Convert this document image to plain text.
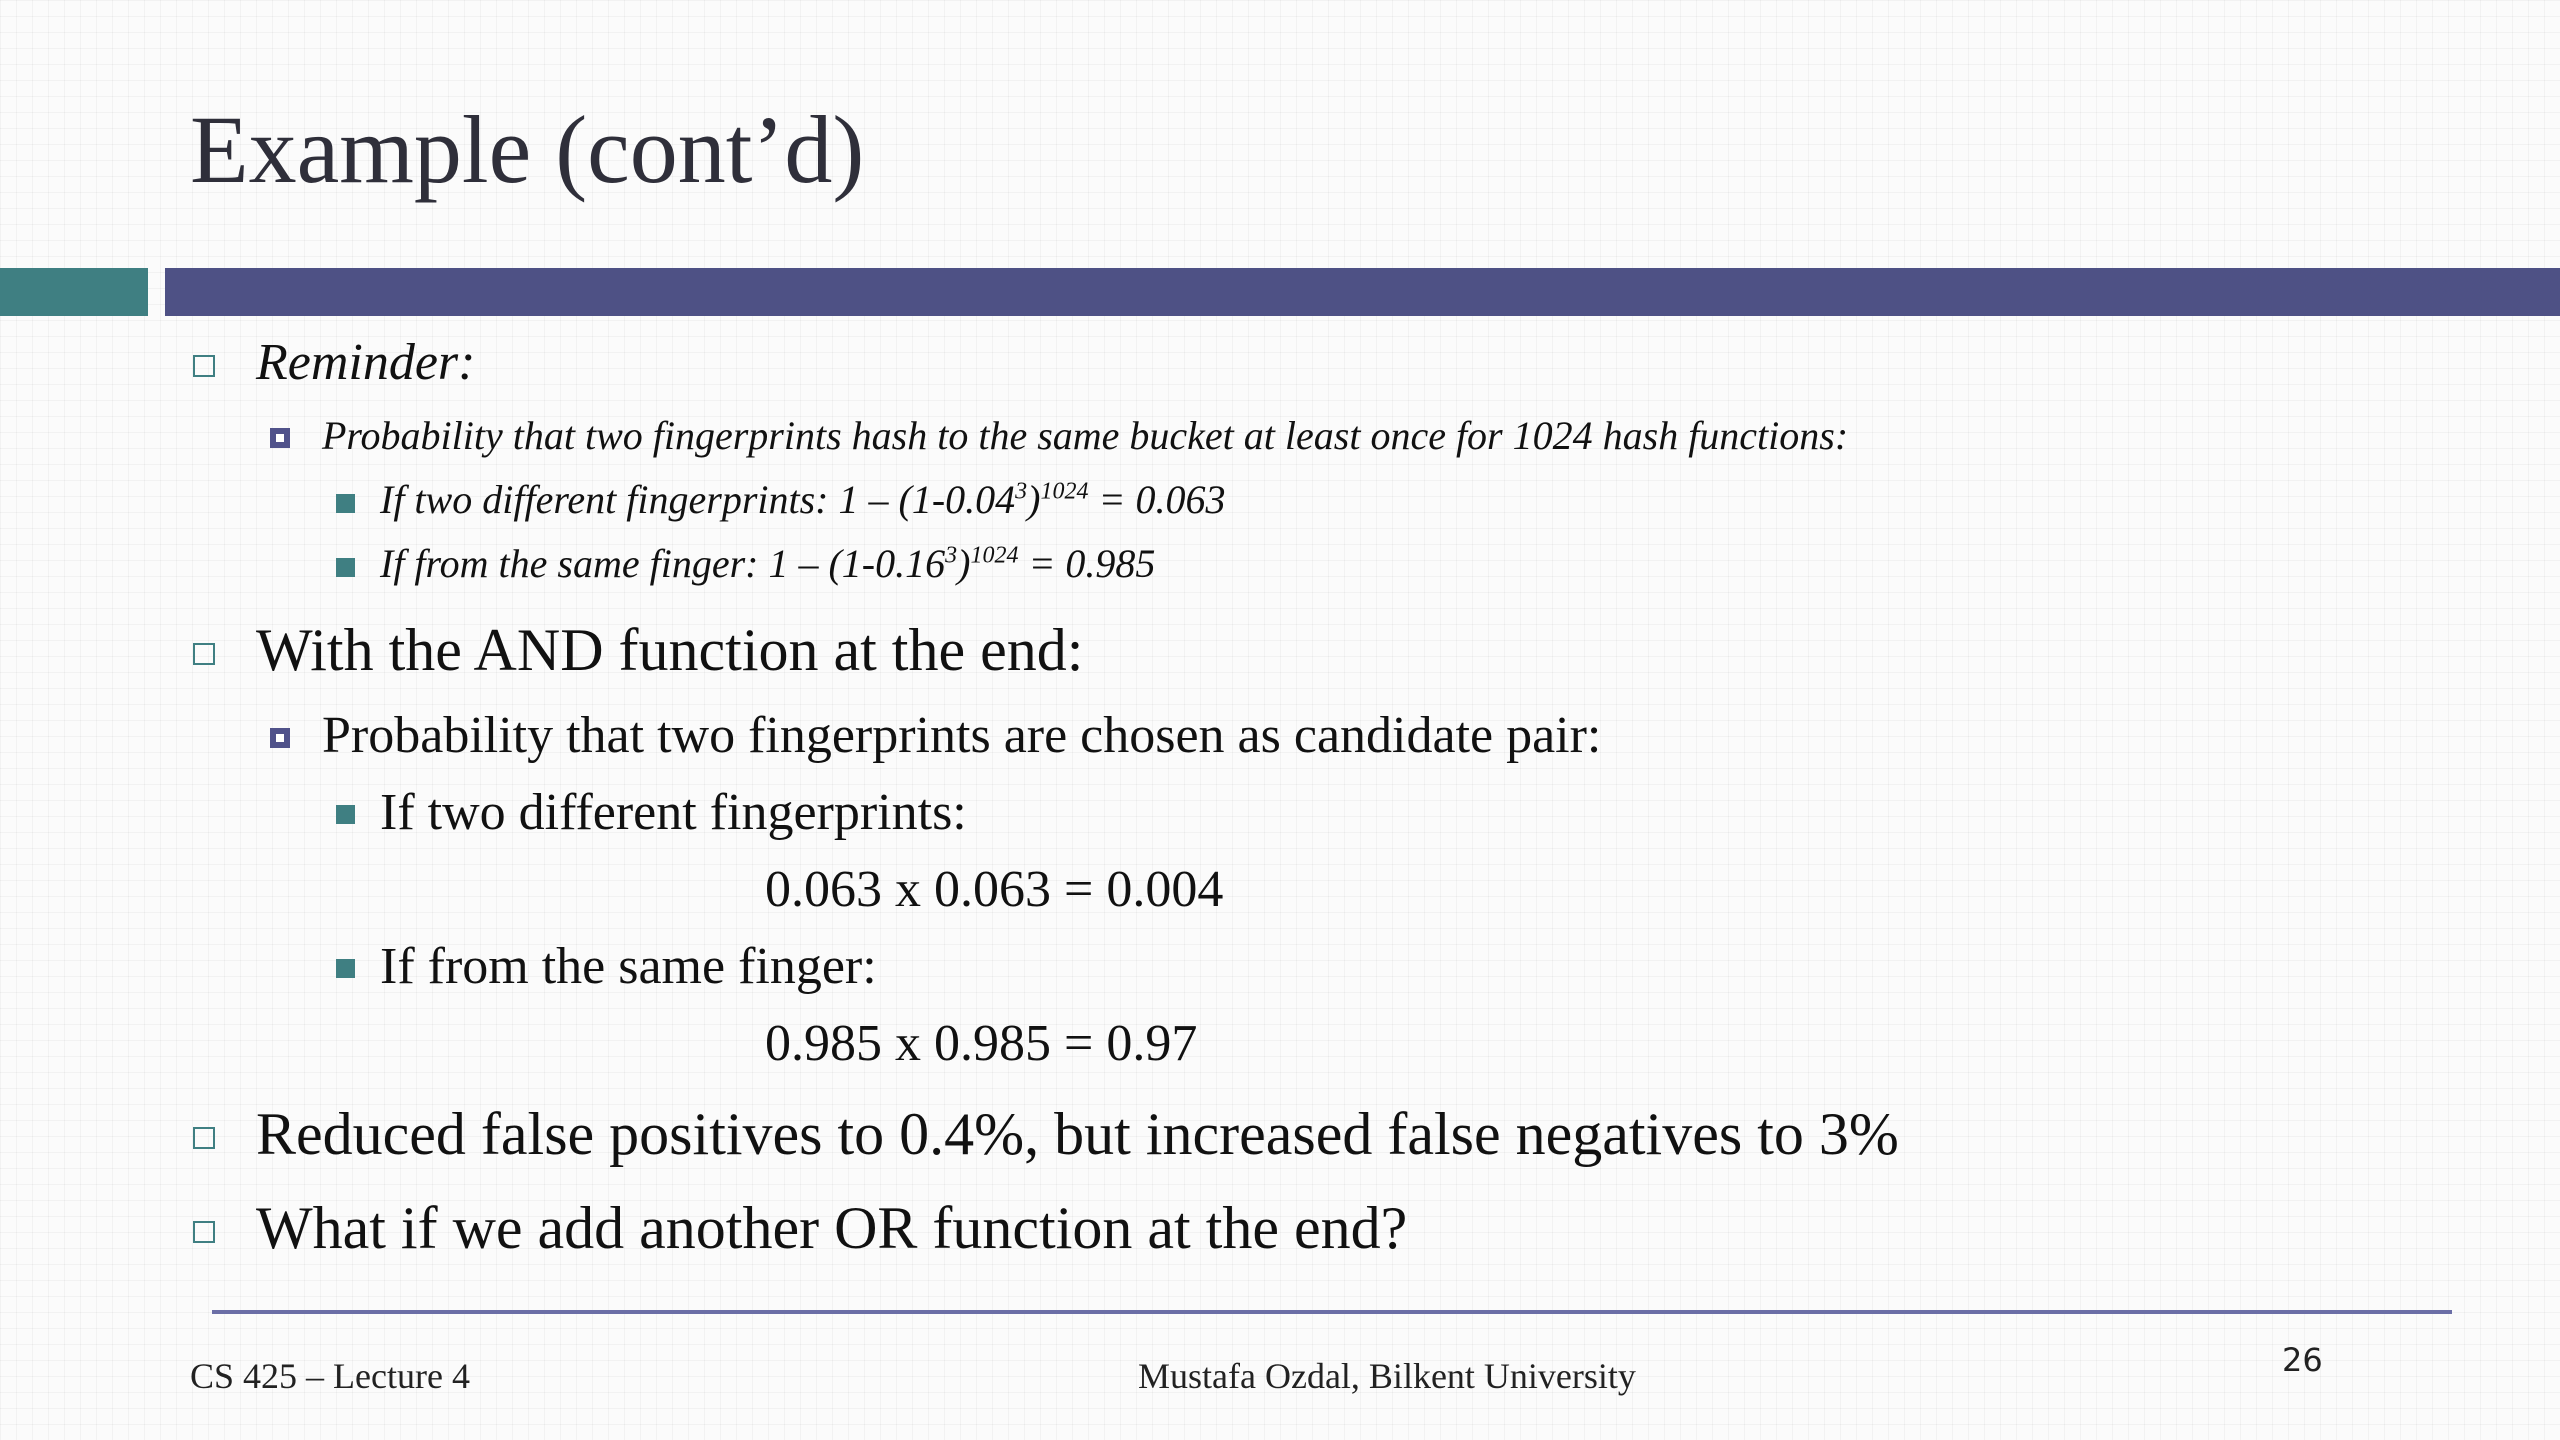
Example (cont’d)
Reminder:
Probability that two fingerprints hash to the same bucket at least once for 1024 hash functions:
If two different fingerprints: $1 - (1-0.04^3)^{1024} = 0.063$
If from the same finger: $1 - (1-0.16^3)^{1024} = 0.985$
With the AND function at the end:
Probability that two fingerprints are chosen as candidate pair:
If two different fingerprints:
0.063 x 0.063 = 0.004
If from the same finger:
0.985 x 0.985 = 0.97
Reduced false positives to 0.4%, but increased false negatives to 3%
What if we add another OR function at the end?
CS 425 – Lecture 4	Mustafa Ozdal, Bilkent University	26
